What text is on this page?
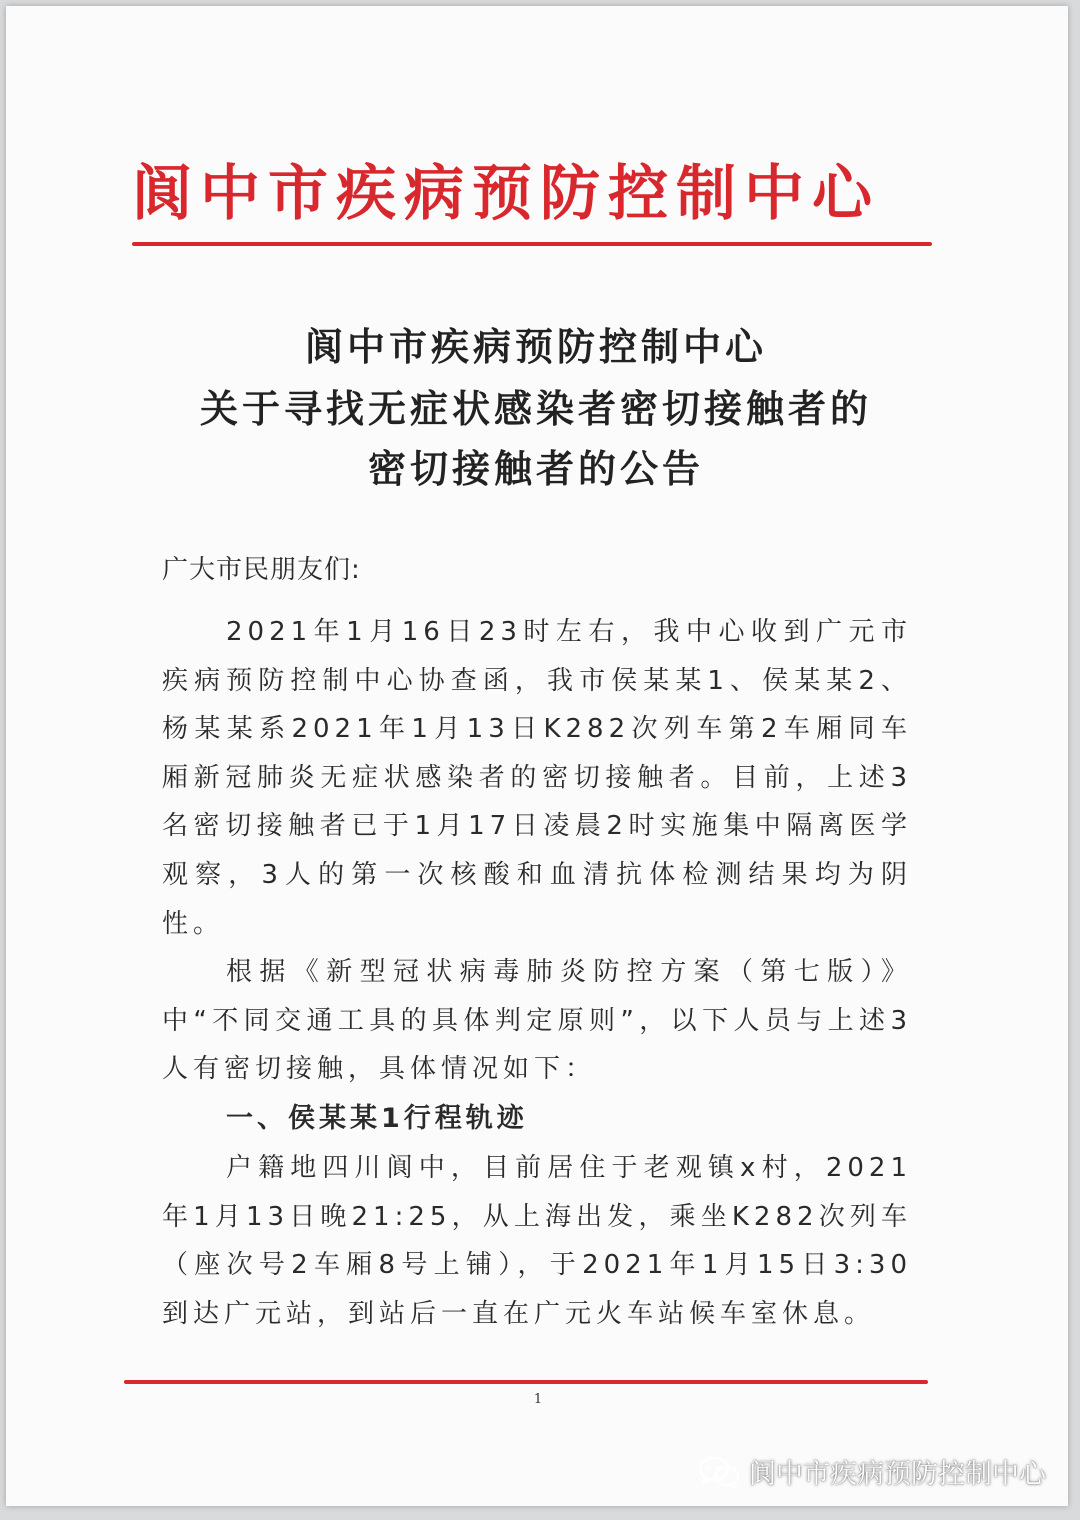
阆中市疾病预防控制中心
阆中市疾病预防控制中心
关于寻找无症状感染者密切接触者的
密切接触者的公告

广大市民朋友们:

2021年1月16日23时左右，我中心收到广元市疾病预防控制中心协查函，我市侯某某1、侯某某2、杨某某系2021年1月13日K282次列车第2车厢同车厢新冠肺炎无症状感染者的密切接触者。目前，上述3名密切接触者已于1月17日凌晨2时实施集中隔离医学观察，3人的第一次核酸和血清抗体检测结果均为阴性。

根据《新型冠状病毒肺炎防控方案（第七版）》中“不同交通工具的具体判定原则”，以下人员与上述3人有密切接触，具体情况如下：

一、侯某某1行程轨迹

户籍地四川阆中，目前居住于老观镇x村，2021年1月13日晚21:25，从上海出发，乘坐K282次列车（座次号2车厢8号上铺），于2021年1月15日3:30到达广元站，到站后一直在广元火车站候车室休息。

1
阆中市疾病预防控制中心
